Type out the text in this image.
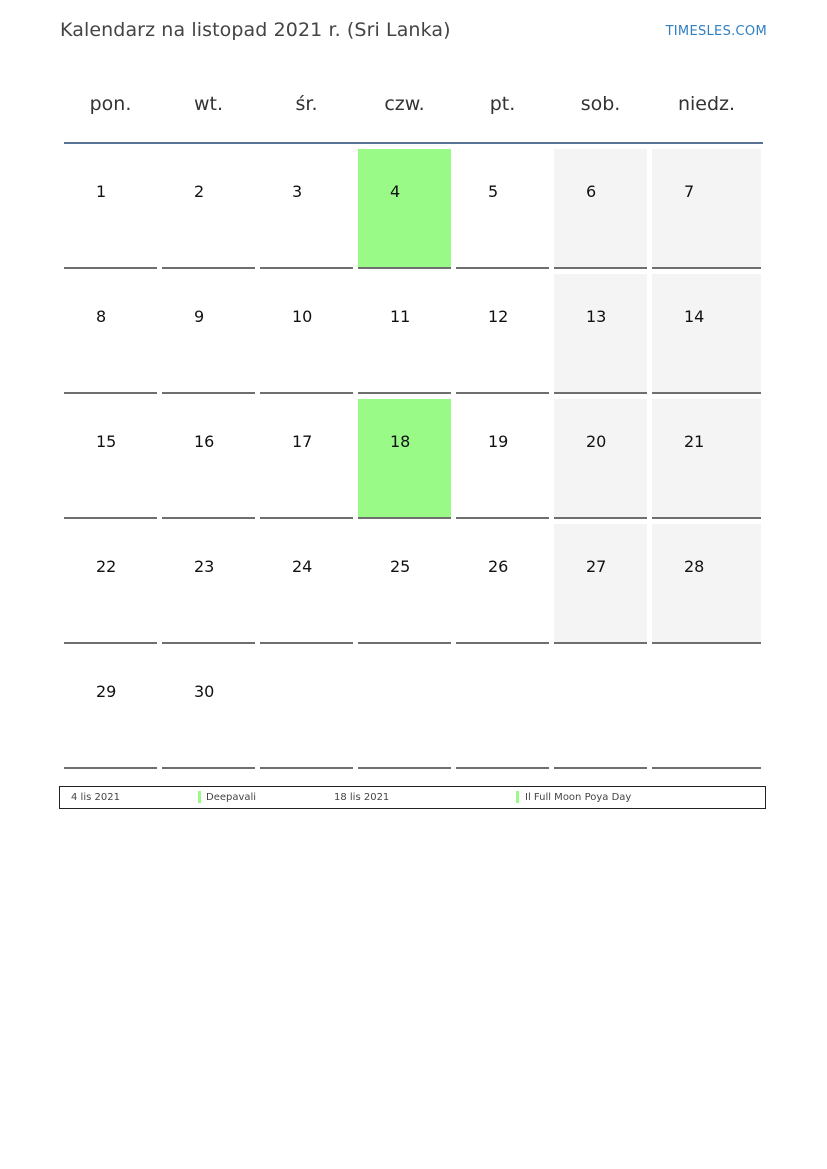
Kalendarz na listopad 2021 r. (Sri Lanka)	TIMESLES.COM
pon.	wt.	śr.	czw.	pt.	sob.	niedz.
1	2	3	4	5	6	7
8	9	10	11	12	13	14
15	16	17	18	19	20	21
22	23	24	25	26	27	28
29	30
4 lis 2021	Deepavali	18 lis 2021	Il Full Moon Poya Day
